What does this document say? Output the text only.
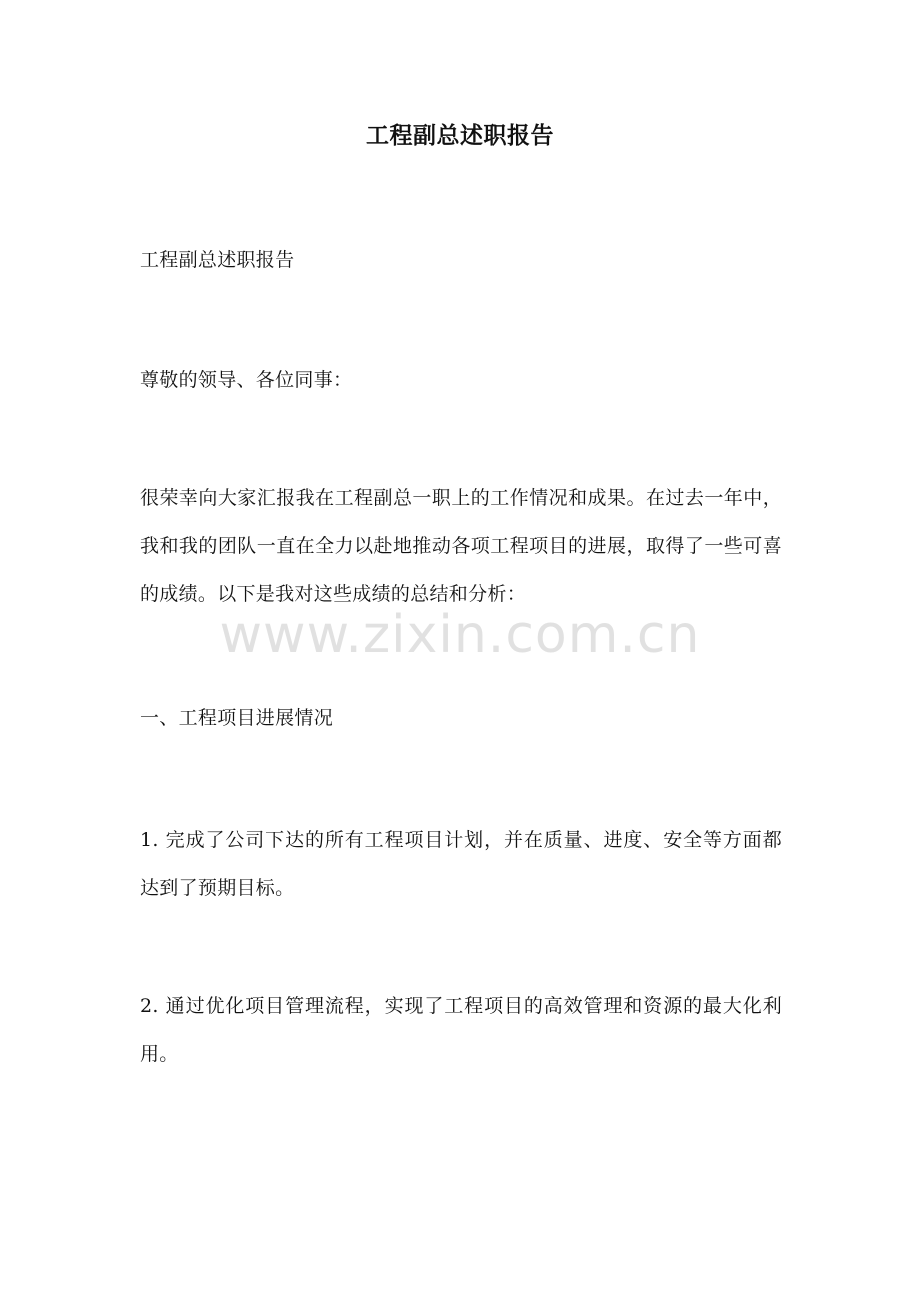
工程副总述职报告
工程副总述职报告
尊敬的领导、各位同事：
很荣幸向大家汇报我在工程副总一职上的工作情况和成果。在过去一年中，我和我的团队一直在全力以赴地推动各项工程项目的进展，取得了一些可喜的成绩。以下是我对这些成绩的总结和分析：
一、工程项目进展情况
1. 完成了公司下达的所有工程项目计划，并在质量、进度、安全等方面都达到了预期目标。
2. 通过优化项目管理流程，实现了工程项目的高效管理和资源的最大化利用。
www.zixin.com.cn
